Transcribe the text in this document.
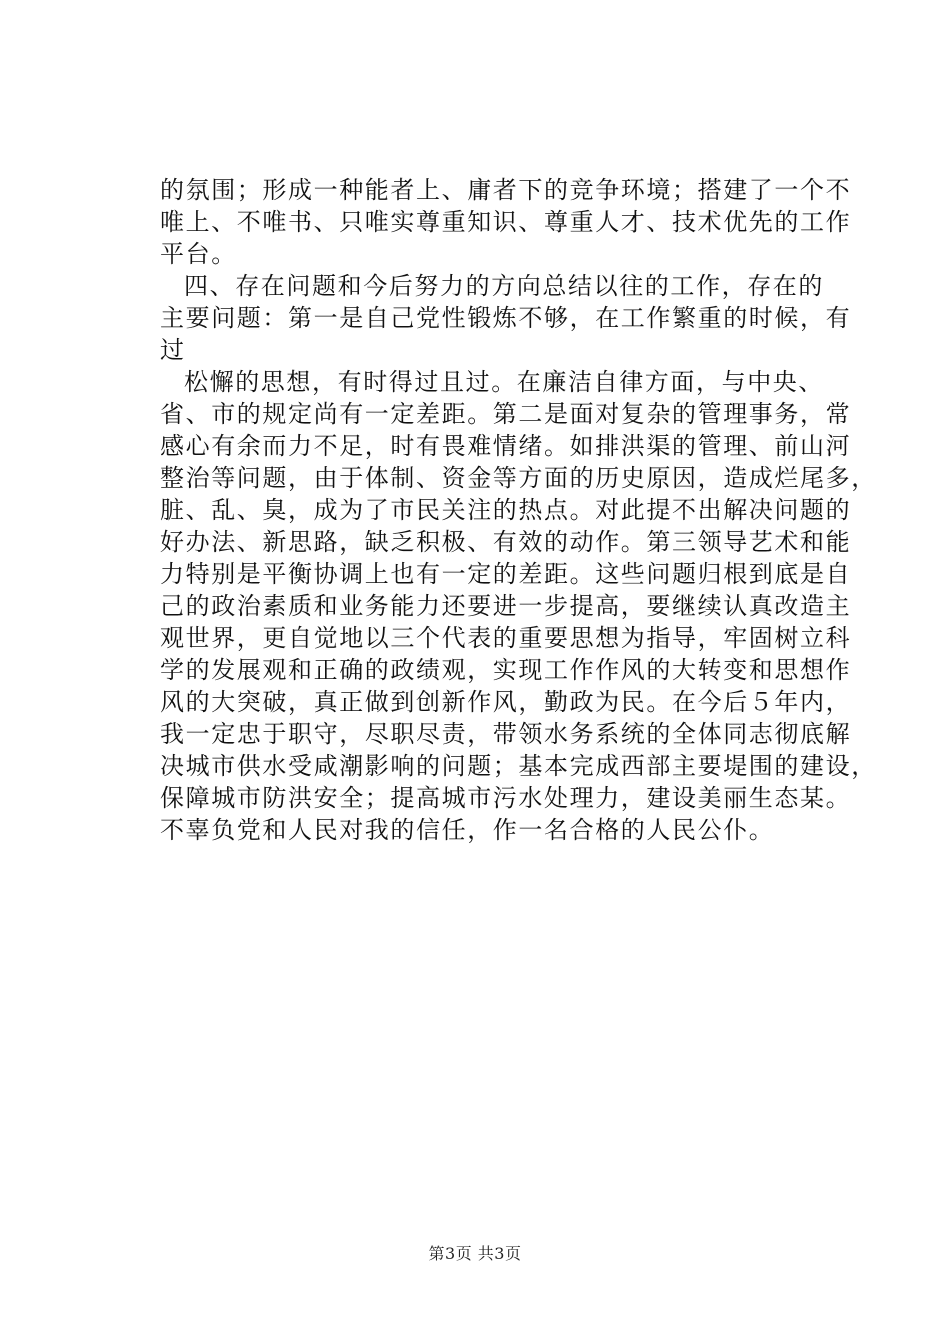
的氛围；形成一种能者上、庸者下的竞争环境；搭建了一个不
唯上、不唯书、只唯实尊重知识、尊重人才、技术优先的工作
平台。
四、存在问题和今后努力的方向总结以往的工作，存在的
主要问题：第一是自己党性锻炼不够，在工作繁重的时候，有
过
松懈的思想，有时得过且过。在廉洁自律方面，与中央、
省、市的规定尚有一定差距。第二是面对复杂的管理事务，常
感心有余而力不足，时有畏难情绪。如排洪渠的管理、前山河
整治等问题，由于体制、资金等方面的历史原因，造成烂尾多，
脏、乱、臭，成为了市民关注的热点。对此提不出解决问题的
好办法、新思路，缺乏积极、有效的动作。第三领导艺术和能
力特别是平衡协调上也有一定的差距。这些问题归根到底是自
己的政治素质和业务能力还要进一步提高，要继续认真改造主
观世界，更自觉地以三个代表的重要思想为指导，牢固树立科
学的发展观和正确的政绩观，实现工作作风的大转变和思想作
风的大突破，真正做到创新作风，勤政为民。在今后５年内，
我一定忠于职守，尽职尽责，带领水务系统的全体同志彻底解
决城市供水受咸潮影响的问题；基本完成西部主要堤围的建设，
保障城市防洪安全；提高城市污水处理力，建设美丽生态某。
不辜负党和人民对我的信任，作一名合格的人民公仆。
第3页 共3页
